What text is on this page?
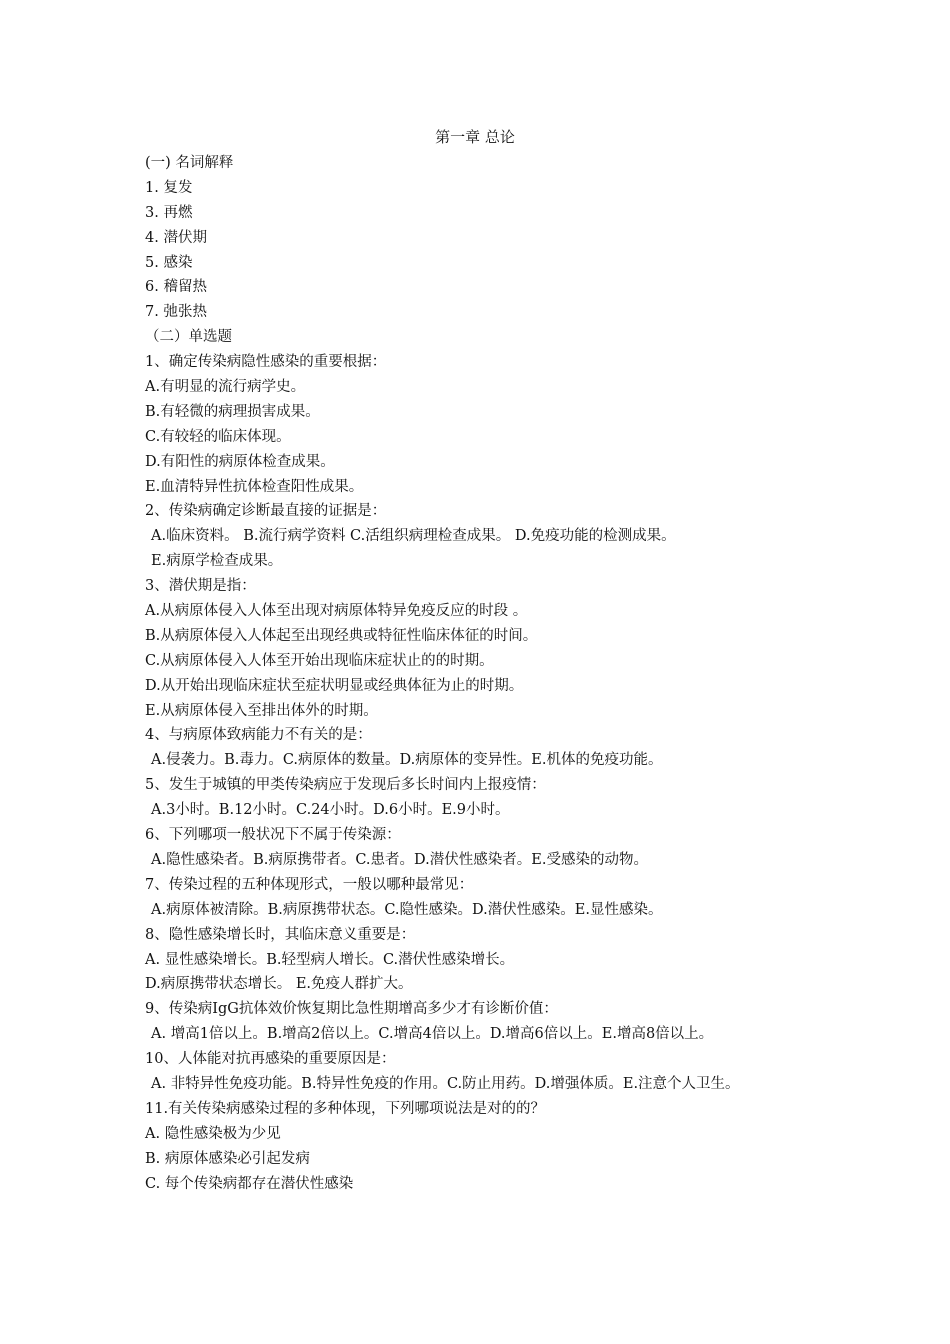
第一章 总论
(一) 名词解释
1. 复发
3. 再燃
4. 潜伏期
5. 感染
6. 稽留热
7. 弛张热
（二）单选题
1、确定传染病隐性感染的重要根据：
A.有明显的流行病学史。
B.有轻微的病理损害成果。
C.有较轻的临床体现。
D.有阳性的病原体检查成果。
E.血清特异性抗体检查阳性成果。
2、传染病确定诊断最直接的证据是：
A.临床资料。 B.流行病学资料 C.活组织病理检查成果。 D.免疫功能的检测成果。
E.病原学检查成果。
3、潜伏期是指：
A.从病原体侵入人体至出现对病原体特异免疫反应的时段 。
B.从病原体侵入人体起至出现经典或特征性临床体征的时间。
C.从病原体侵入人体至开始出现临床症状止的的时期。
D.从开始出现临床症状至症状明显或经典体征为止的时期。
E.从病原体侵入至排出体外的时期。
4、与病原体致病能力不有关的是：
A.侵袭力。B.毒力。C.病原体的数量。D.病原体的变异性。E.机体的免疫功能。
5、发生于城镇的甲类传染病应于发现后多长时间内上报疫情：
A.3小时。B.12小时。C.24小时。D.6小时。E.9小时。
6、下列哪项一般状况下不属于传染源：
A.隐性感染者。B.病原携带者。C.患者。D.潜伏性感染者。E.受感染的动物。
7、传染过程的五种体现形式，一般以哪种最常见：
A.病原体被清除。B.病原携带状态。C.隐性感染。D.潜伏性感染。E.显性感染。
8、隐性感染增长时，其临床意义重要是：
A. 显性感染增长。B.轻型病人增长。C.潜伏性感染增长。
D.病原携带状态增长。 E.免疫人群扩大。
9、传染病IgG抗体效价恢复期比急性期增高多少才有诊断价值：
A. 增高1倍以上。B.增高2倍以上。C.增高4倍以上。D.增高6倍以上。E.增高8倍以上。
10、人体能对抗再感染的重要原因是：
A. 非特异性免疫功能。B.特异性免疫的作用。C.防止用药。D.增强体质。E.注意个人卫生。
11.有关传染病感染过程的多种体现，下列哪项说法是对的的？
A. 隐性感染极为少见
B. 病原体感染必引起发病
C. 每个传染病都存在潜伏性感染
